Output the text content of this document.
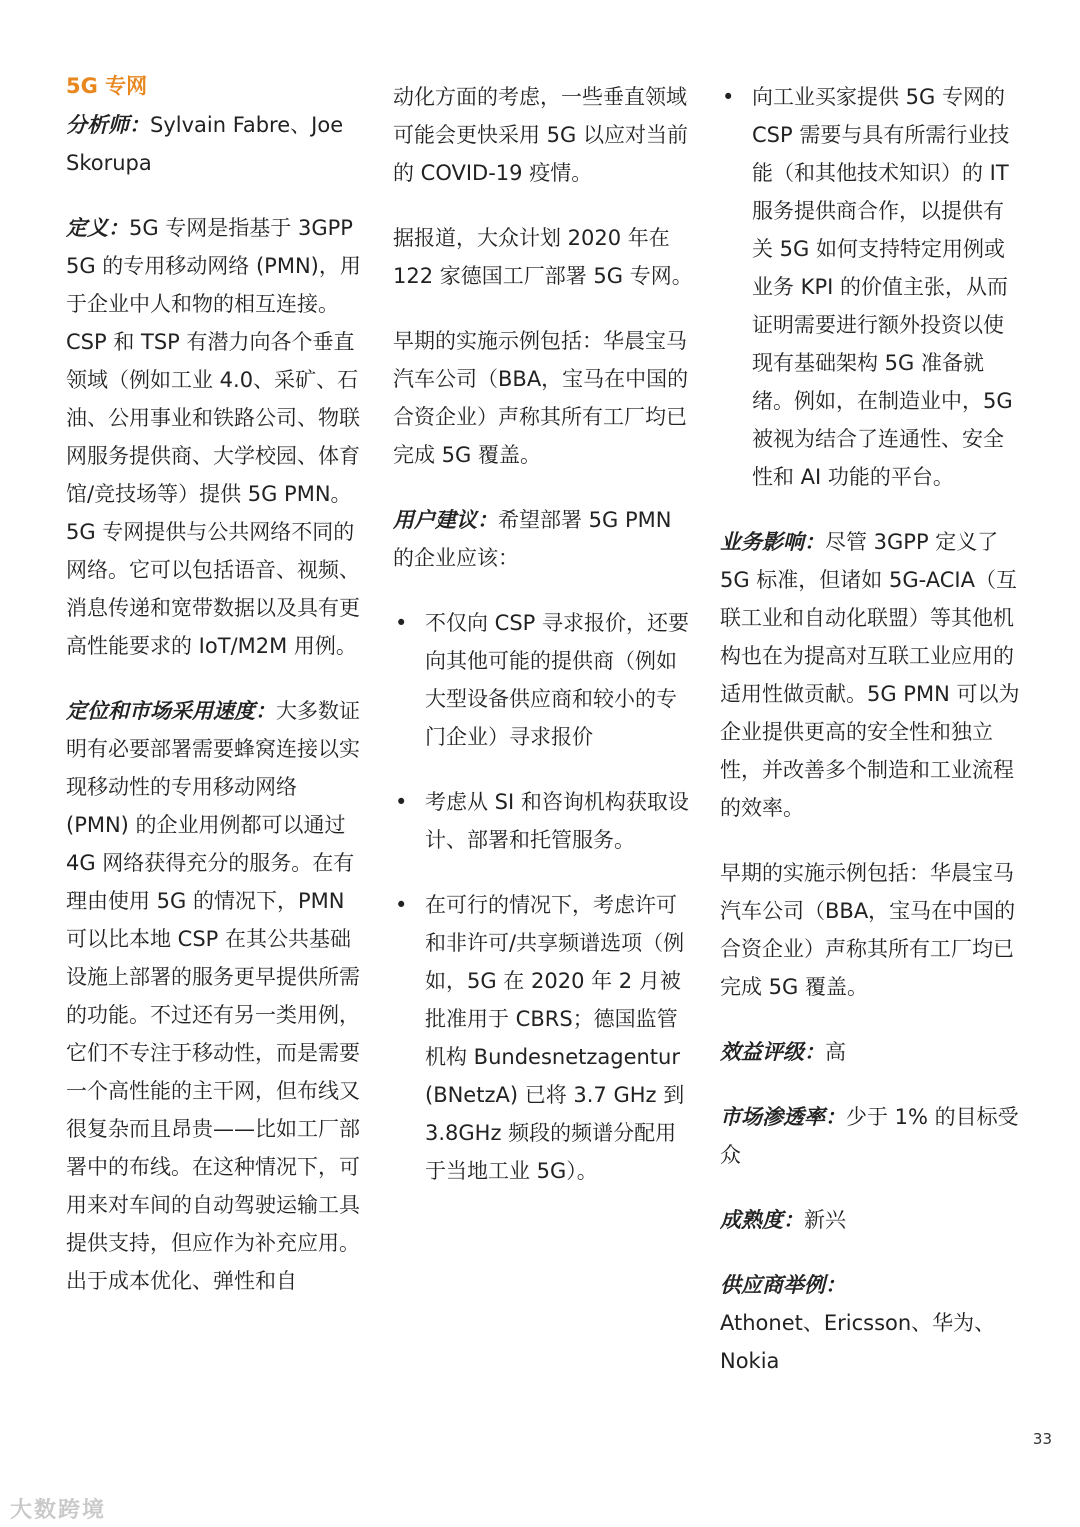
5G 专网

分析师：Sylvain Fabre、Joe Skorupa

定义：5G 专网是指基于 3GPP 5G 的专用移动网络 (PMN)，用于企业中人和物的相互连接。CSP 和 TSP 有潜力向各个垂直领域（例如工业 4.0、采矿、石油、公用事业和铁路公司、物联网服务提供商、大学校园、体育馆/竞技场等）提供 5G PMN。5G 专网提供与公共网络不同的网络。它可以包括语音、视频、消息传递和宽带数据以及具有更高性能要求的 IoT/M2M 用例。

定位和市场采用速度：大多数证明有必要部署需要蜂窝连接以实现移动性的专用移动网络 (PMN) 的企业用例都可以通过 4G 网络获得充分的服务。在有理由使用 5G 的情况下，PMN 可以比本地 CSP 在其公共基础设施上部署的服务更早提供所需的功能。不过还有另一类用例，它们不专注于移动性，而是需要一个高性能的主干网，但布线又很复杂而且昂贵——比如工厂部署中的布线。在这种情况下，可用来对车间的自动驾驶运输工具提供支持，但应作为补充应用。出于成本优化、弹性和自

动化方面的考虑，一些垂直领域可能会更快采用 5G 以应对当前的 COVID-19 疫情。

据报道，大众计划 2020 年在 122 家德国工厂部署 5G 专网。

早期的实施示例包括：华晨宝马汽车公司（BBA，宝马在中国的合资企业）声称其所有工厂均已完成 5G 覆盖。

用户建议：希望部署 5G PMN 的企业应该：

• 不仅向 CSP 寻求报价，还要向其他可能的提供商（例如大型设备供应商和较小的专门企业）寻求报价
• 考虑从 SI 和咨询机构获取设计、部署和托管服务。
• 在可行的情况下，考虑许可和非许可/共享频谱选项（例如，5G 在 2020 年 2 月被批准用于 CBRS；德国监管机构 Bundesnetzagentur (BNetzA) 已将 3.7 GHz 到 3.8GHz 频段的频谱分配用于当地工业 5G）。
• 向工业买家提供 5G 专网的 CSP 需要与具有所需行业技能（和其他技术知识）的 IT 服务提供商合作，以提供有关 5G 如何支持特定用例或业务 KPI 的价值主张，从而证明需要进行额外投资以使现有基础架构 5G 准备就绪。例如，在制造业中，5G 被视为结合了连通性、安全性和 AI 功能的平台。

业务影响：尽管 3GPP 定义了 5G 标准，但诸如 5G-ACIA（互联工业和自动化联盟）等其他机构也在为提高对互联工业应用的适用性做贡献。5G PMN 可以为企业提供更高的安全性和独立性，并改善多个制造和工业流程的效率。

早期的实施示例包括：华晨宝马汽车公司（BBA，宝马在中国的合资企业）声称其所有工厂均已完成 5G 覆盖。

效益评级：高

市场渗透率：少于 1% 的目标受众

成熟度：新兴

供应商举例：
Athonet、Ericsson、华为、Nokia

33
大数跨境
